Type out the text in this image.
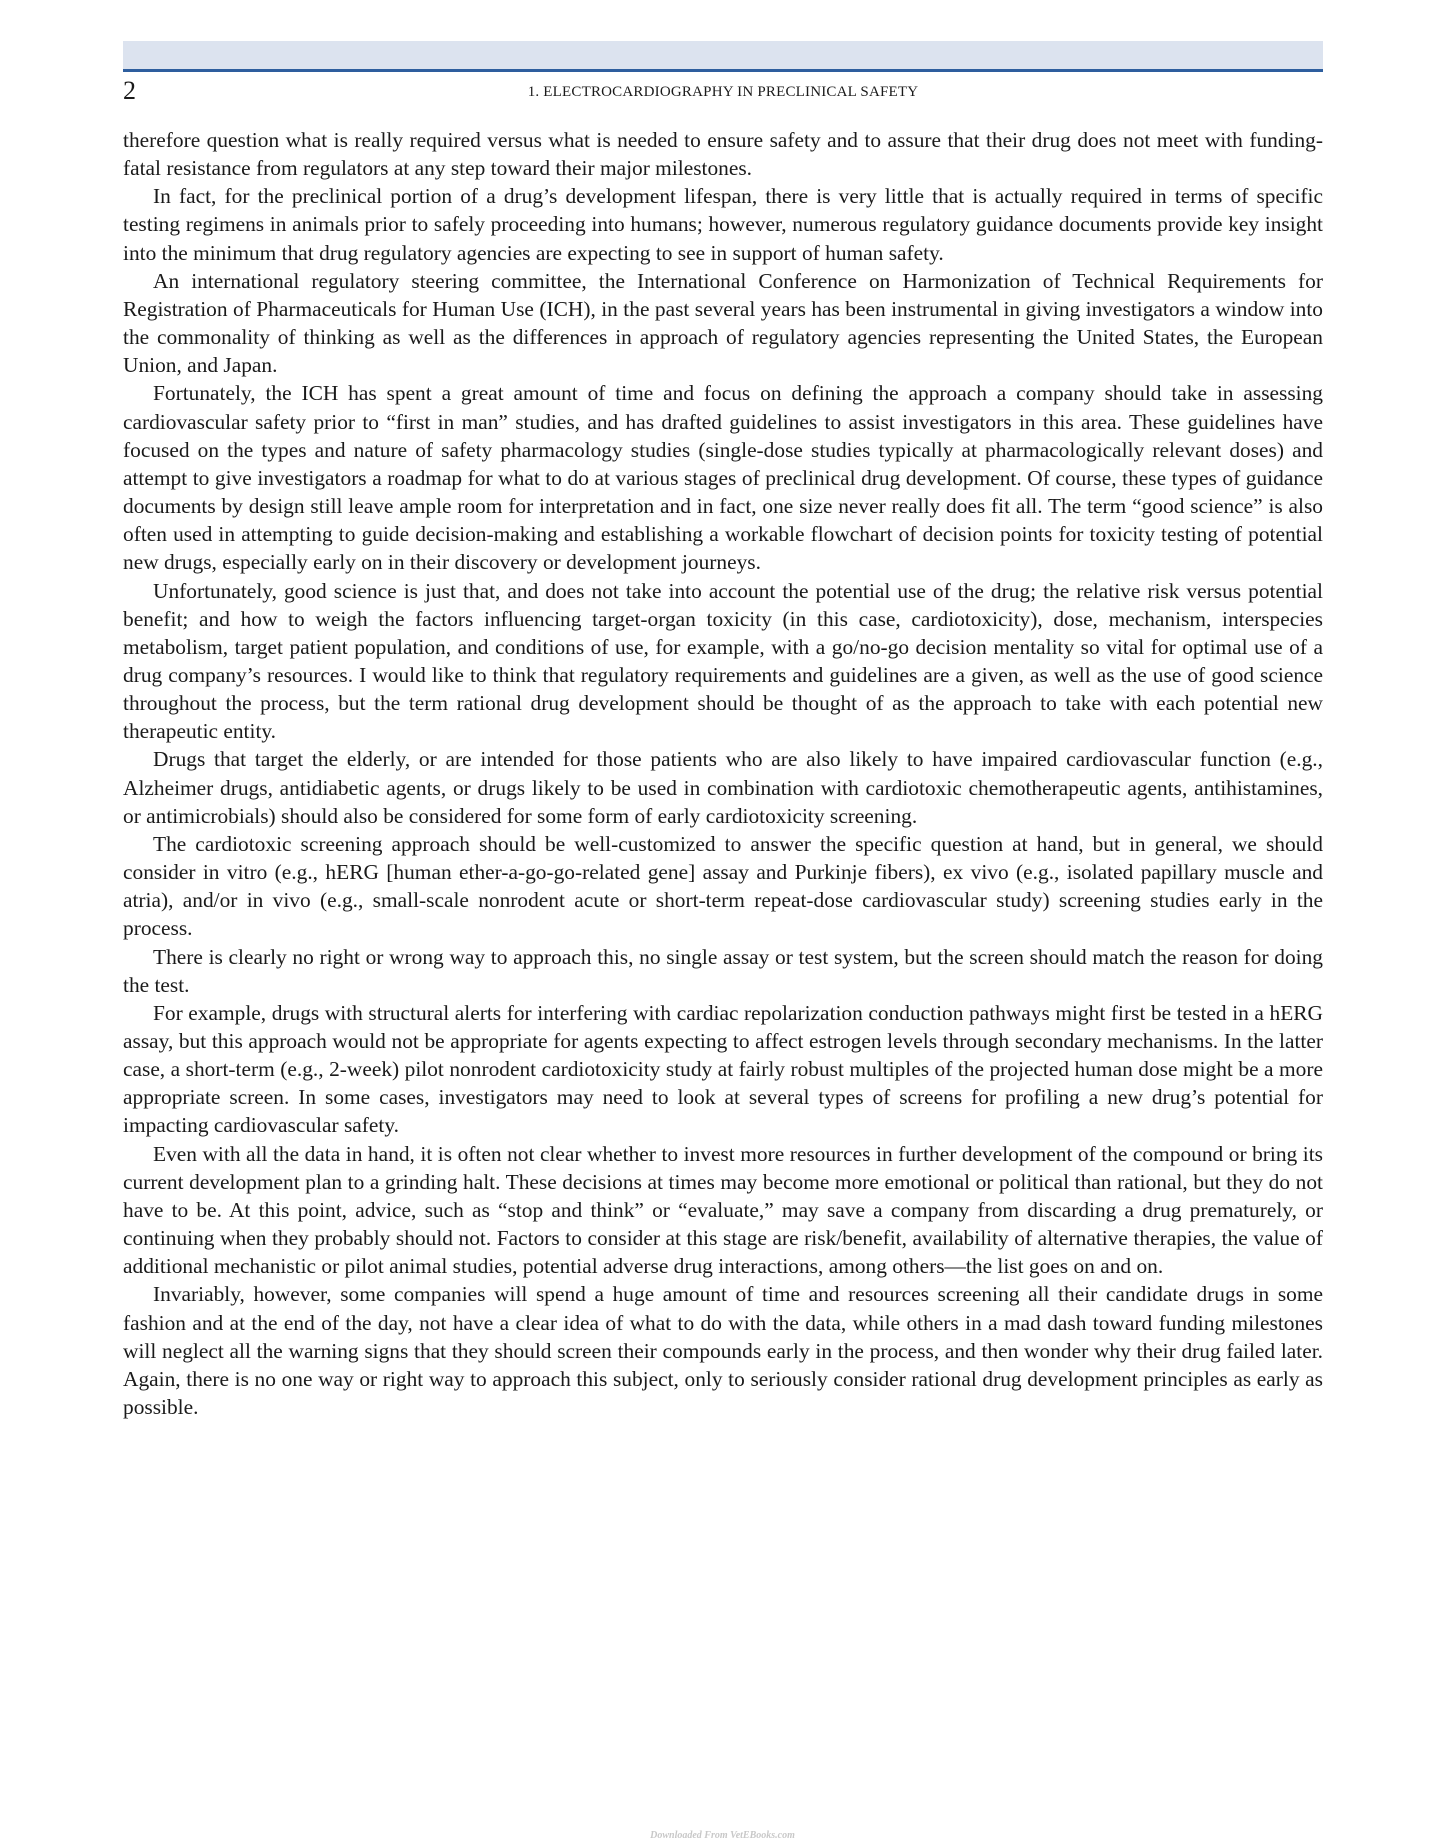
2	1. ELECTROCARDIOGRAPHY IN PRECLINICAL SAFETY

therefore question what is really required versus what is needed to ensure safety and to assure that their drug does not meet with funding-fatal resistance from regulators at any step toward their major milestones.

In fact, for the preclinical portion of a drug’s development lifespan, there is very little that is actually required in terms of specific testing regimens in animals prior to safely proceeding into humans; however, numerous regulatory guidance documents provide key insight into the minimum that drug regulatory agencies are expecting to see in support of human safety.

An international regulatory steering committee, the International Conference on Harmonization of Technical Requirements for Registration of Pharmaceuticals for Human Use (ICH), in the past several years has been instrumental in giving investigators a window into the commonality of thinking as well as the differences in approach of regulatory agencies representing the United States, the European Union, and Japan.

Fortunately, the ICH has spent a great amount of time and focus on defining the approach a company should take in assessing cardiovascular safety prior to “first in man” studies, and has drafted guidelines to assist investigators in this area. These guidelines have focused on the types and nature of safety pharmacology studies (single-dose studies typically at pharmacologically relevant doses) and attempt to give investigators a roadmap for what to do at various stages of preclinical drug development. Of course, these types of guidance documents by design still leave ample room for interpretation and in fact, one size never really does fit all. The term “good science” is also often used in attempting to guide decision-making and establishing a workable flowchart of decision points for toxicity testing of potential new drugs, especially early on in their discovery or development journeys.

Unfortunately, good science is just that, and does not take into account the potential use of the drug; the relative risk versus potential benefit; and how to weigh the factors influencing target-organ toxicity (in this case, cardiotoxicity), dose, mechanism, interspecies metabolism, target patient population, and conditions of use, for example, with a go/no-go decision mentality so vital for optimal use of a drug company’s resources. I would like to think that regulatory requirements and guidelines are a given, as well as the use of good science throughout the process, but the term rational drug development should be thought of as the approach to take with each potential new therapeutic entity.

Drugs that target the elderly, or are intended for those patients who are also likely to have impaired cardiovascular function (e.g., Alzheimer drugs, antidiabetic agents, or drugs likely to be used in combination with cardiotoxic chemotherapeutic agents, antihistamines, or antimicrobials) should also be considered for some form of early cardiotoxicity screening.

The cardiotoxic screening approach should be well-customized to answer the specific question at hand, but in general, we should consider in vitro (e.g., hERG [human ether-a-go-go-related gene] assay and Purkinje fibers), ex vivo (e.g., isolated papillary muscle and atria), and/or in vivo (e.g., small-scale nonrodent acute or short-term repeat-dose cardiovascular study) screening studies early in the process.

There is clearly no right or wrong way to approach this, no single assay or test system, but the screen should match the reason for doing the test.

For example, drugs with structural alerts for interfering with cardiac repolarization conduction pathways might first be tested in a hERG assay, but this approach would not be appropriate for agents expecting to affect estrogen levels through secondary mechanisms. In the latter case, a short-term (e.g., 2-week) pilot nonrodent cardiotoxicity study at fairly robust multiples of the projected human dose might be a more appropriate screen. In some cases, investigators may need to look at several types of screens for profiling a new drug’s potential for impacting cardiovascular safety.

Even with all the data in hand, it is often not clear whether to invest more resources in further development of the compound or bring its current development plan to a grinding halt. These decisions at times may become more emotional or political than rational, but they do not have to be. At this point, advice, such as “stop and think” or “evaluate,” may save a company from discarding a drug prematurely, or continuing when they probably should not. Factors to consider at this stage are risk/benefit, availability of alternative therapies, the value of additional mechanistic or pilot animal studies, potential adverse drug interactions, among others—the list goes on and on.

Invariably, however, some companies will spend a huge amount of time and resources screening all their candidate drugs in some fashion and at the end of the day, not have a clear idea of what to do with the data, while others in a mad dash toward funding milestones will neglect all the warning signs that they should screen their compounds early in the process, and then wonder why their drug failed later. Again, there is no one way or right way to approach this subject, only to seriously consider rational drug development principles as early as possible.

Downloaded From VetEBooks.com
